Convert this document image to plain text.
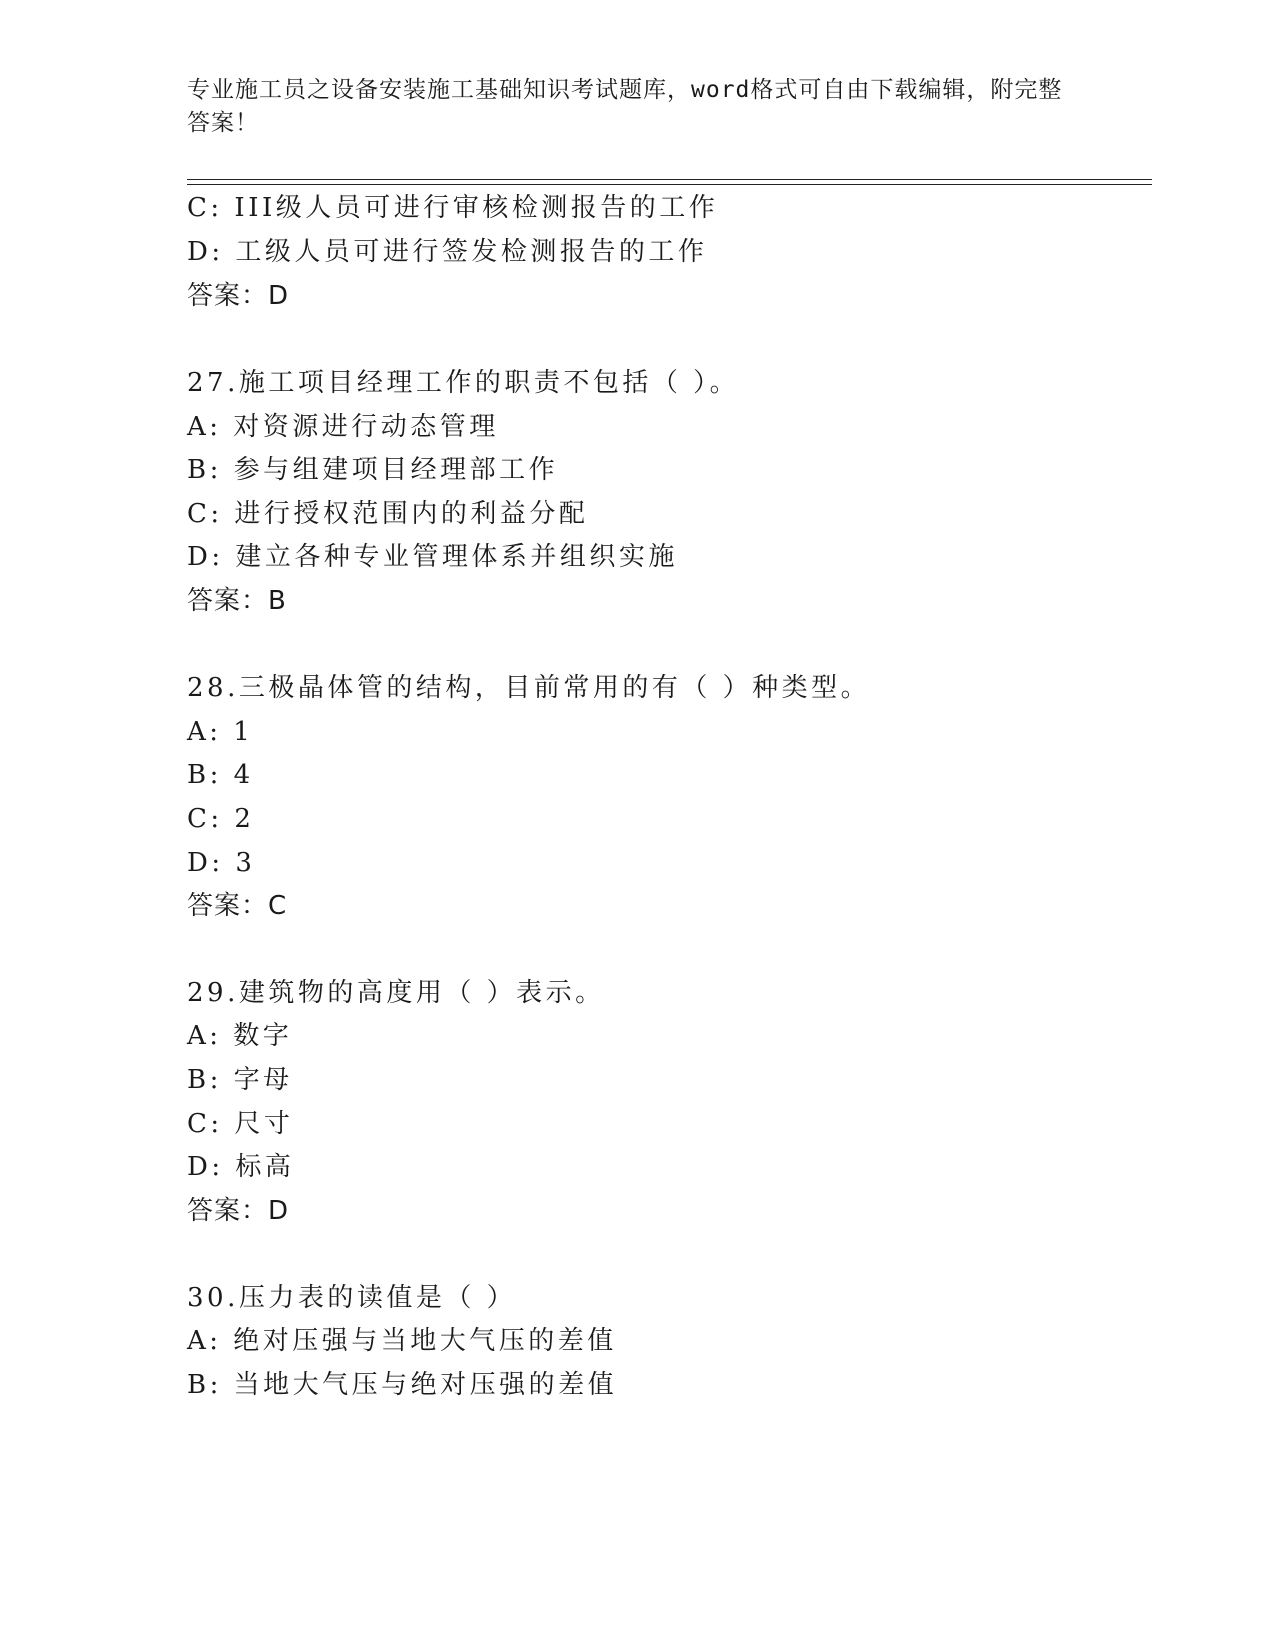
专业施工员之设备安装施工基础知识考试题库，word格式可自由下载编辑，附完整答案！
C: III级人员可进行审核检测报告的工作
D: 工级人员可进行签发检测报告的工作
答案：D
27.施工项目经理工作的职责不包括（ ）。
A: 对资源进行动态管理
B: 参与组建项目经理部工作
C: 进行授权范围内的利益分配
D: 建立各种专业管理体系并组织实施
答案：B
28.三极晶体管的结构，目前常用的有（ ）种类型。
A: 1
B: 4
C: 2
D: 3
答案：C
29.建筑物的高度用（ ）表示。
A: 数字
B: 字母
C: 尺寸
D: 标高
答案：D
30.压力表的读值是（ ）
A: 绝对压强与当地大气压的差值
B: 当地大气压与绝对压强的差值
